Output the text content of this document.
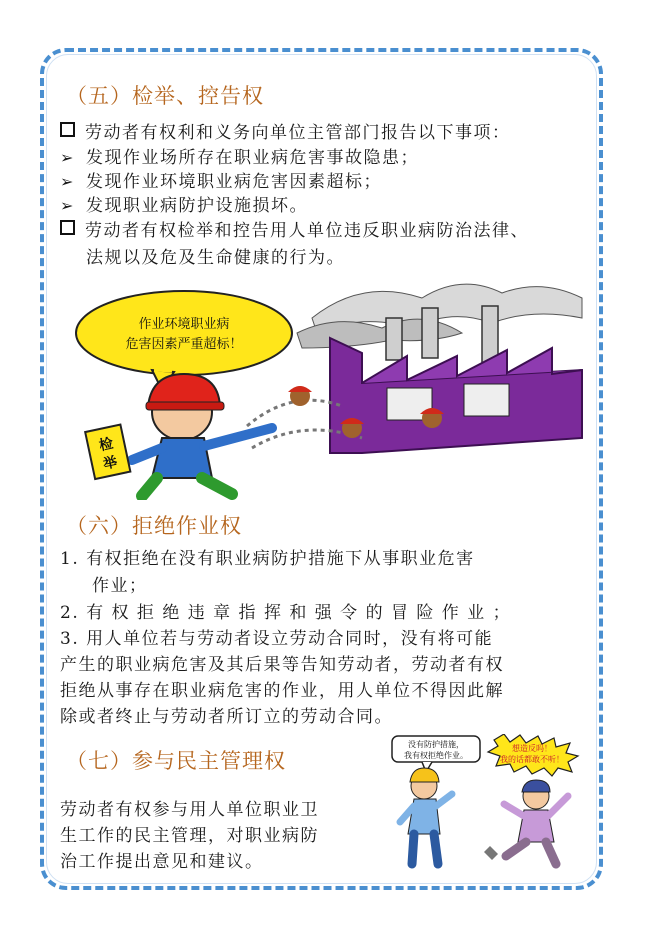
（五）检举、控告权
劳动者有权利和义务向单位主管部门报告以下事项：
➢ 发现作业场所存在职业病危害事故隐患；
➢ 发现作业环境职业病危害因素超标；
➢ 发现职业病防护设施损坏。
劳动者有权检举和控告用人单位违反职业病防治法律、
法规以及危及生命健康的行为。
作业环境职业病
危害因素严重超标！
检
举
（六）拒绝作业权
1. 有权拒绝在没有职业病防护措施下从事职业危害
作业；
2. 有 权 拒 绝 违 章 指 挥 和 强 令 的 冒 险 作 业 ；
3. 用人单位若与劳动者设立劳动合同时，没有将可能
产生的职业病危害及其后果等告知劳动者，劳动者有权
拒绝从事存在职业病危害的作业，用人单位不得因此解
除或者终止与劳动者所订立的劳动合同。
（七）参与民主管理权
劳动者有权参与用人单位职业卫
生工作的民主管理，对职业病防
治工作提出意见和建议。
没有防护措施，
我有权拒绝作业。
想造反吗！
我的话都敢不听！
